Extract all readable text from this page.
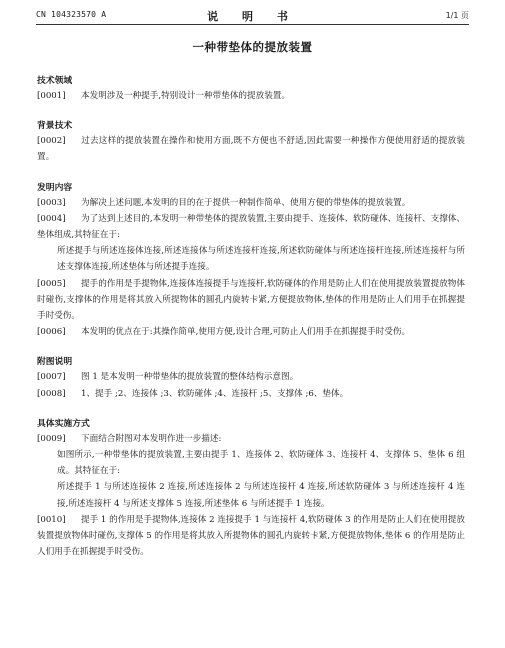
CN 104323570 A	说 明 书	1/1 页
一种带垫体的提放装置
技术领域

[0001] 本发明涉及一种提手,特别设计一种带垫体的提放装置。

背景技术

[0002] 过去这样的提放装置在操作和使用方面,既不方便也不舒适,因此需要一种操作方便使用舒适的提放装置。

发明内容

[0003] 为解决上述问题,本发明的目的在于提供一种制作简单、使用方便的带垫体的提放装置。

[0004] 为了达到上述目的,本发明一种带垫体的提放装置,主要由提手、连接体、软防碰体、连接杆、支撑体、垫体组成,其特征在于:

所述提手与所述连接体连接,所述连接体与所述连接杆连接,所述软防碰体与所述连接杆连接,所述连接杆与所述支撑体连接,所述垫体与所述提手连接。

[0005] 提手的作用是手提物体,连接体连接提手与连接杆,软防碰体的作用是防止人们在使用提放装置提放物体时碰伤,支撑体的作用是将其放入所提物体的圆孔内旋转卡紧,方便提放物体,垫体的作用是防止人们用手在抓握提手时受伤。

[0006] 本发明的优点在于:其操作简单,使用方便,设计合理,可防止人们用手在抓握提手时受伤。

附图说明

[0007] 图 1 是本发明一种带垫体的提放装置的整体结构示意图。

[0008] 1、提手 ;2、连接体 ;3、软防碰体 ;4、连接杆 ;5、支撑体 ;6、垫体。

具体实施方式

[0009] 下面结合附图对本发明作进一步描述:

如图所示,一种带垫体的提放装置,主要由提手 1、连接体 2、软防碰体 3、连接杆 4、支撑体 5、垫体 6 组成。其特征在于:

所述提手 1 与所述连接体 2 连接,所述连接体 2 与所述连接杆 4 连接,所述软防碰体 3 与所述连接杆 4 连接,所述连接杆 4 与所述支撑体 5 连接,所述垫体 6 与所述提手 1 连接。

[0010] 提手 1 的作用是手提物体,连接体 2 连接提手 1 与连接杆 4,软防碰体 3 的作用是防止人们在使用提放装置提放物体时碰伤,支撑体 5 的作用是将其放入所提物体的圆孔内旋转卡紧,方便提放物体,垫体 6 的作用是防止人们用手在抓握提手时受伤。
